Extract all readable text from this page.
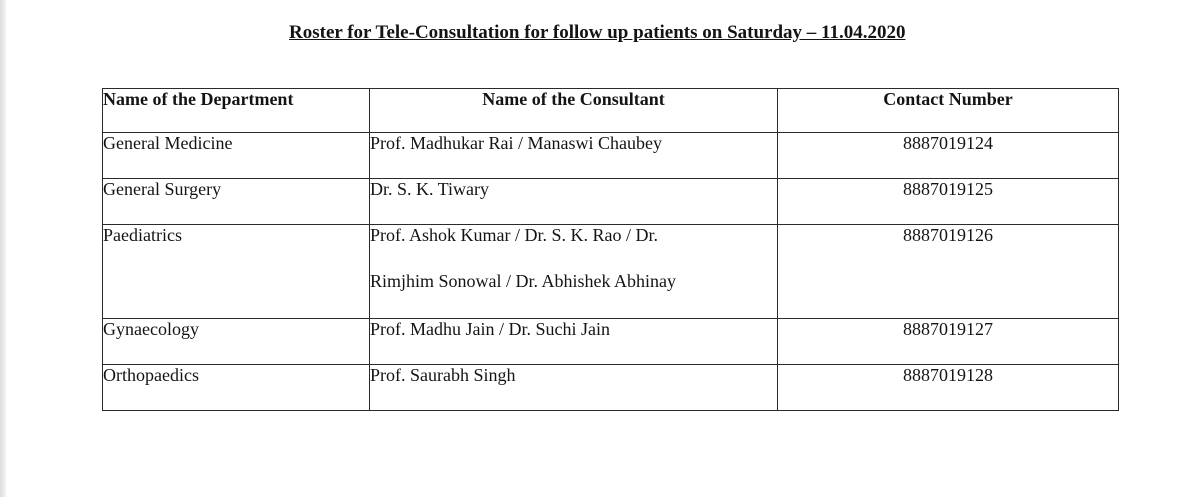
Roster for Tele-Consultation for follow up patients on Saturday – 11.04.2020
Name of the Department	Name of the Consultant	Contact Number
General Medicine	Prof. Madhukar Rai / Manaswi Chaubey	8887019124
General Surgery	Dr. S. K. Tiwary	8887019125
Paediatrics	Prof. Ashok Kumar / Dr. S. K. Rao / Dr.
Rimjhim Sonowal / Dr. Abhishek Abhinay	8887019126
Gynaecology	Prof. Madhu Jain / Dr. Suchi Jain	8887019127
Orthopaedics	Prof. Saurabh Singh	8887019128
